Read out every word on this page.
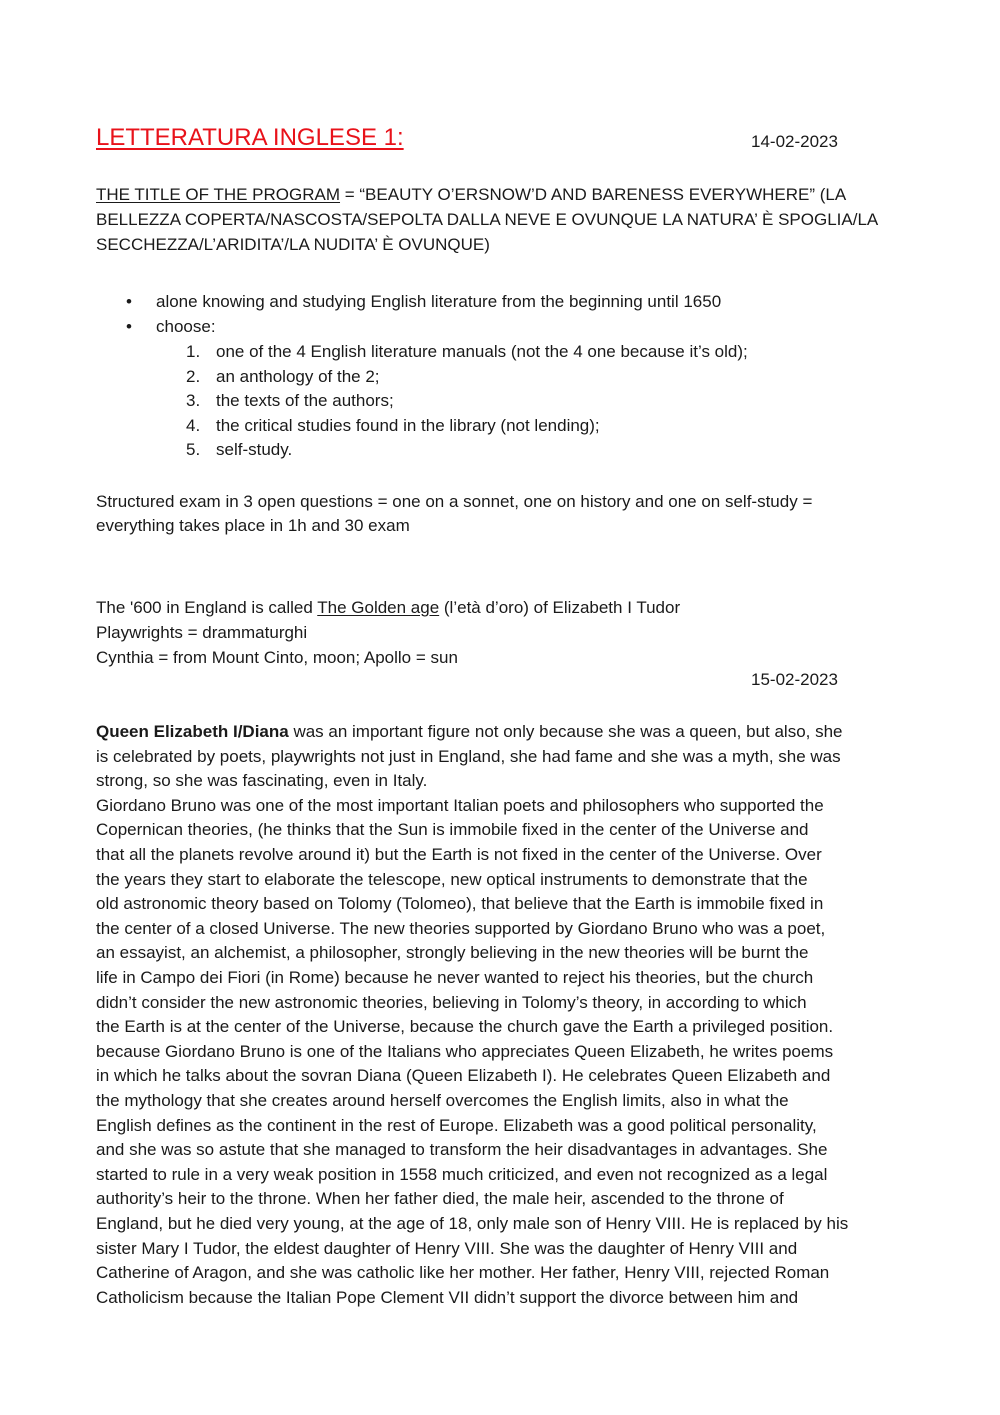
LETTERATURA INGLESE 1:	14-02-2023
THE TITLE OF THE PROGRAM = “BEAUTY O’ERSNOW’D AND BARENESS EVERYWHERE” (LA
BELLEZZA COPERTA/NASCOSTA/SEPOLTA DALLA NEVE E OVUNQUE LA NATURA’ È SPOGLIA/LA
SECCHEZZA/L’ARIDITA’/LA NUDITA’ È OVUNQUE)
• alone knowing and studying English literature from the beginning until 1650
• choose:
1. one of the 4 English literature manuals (not the 4 one because it’s old);
2. an anthology of the 2;
3. the texts of the authors;
4. the critical studies found in the library (not lending);
5. self-study.
Structured exam in 3 open questions = one on a sonnet, one on history and one on self-study =
everything takes place in 1h and 30 exam
The '600 in England is called The Golden age (l’età d’oro) of Elizabeth I Tudor
Playwrights = drammaturghi
Cynthia = from Mount Cinto, moon; Apollo = sun
15-02-2023
Queen Elizabeth I/Diana was an important figure not only because she was a queen, but also, she
is celebrated by poets, playwrights not just in England, she had fame and she was a myth, she was
strong, so she was fascinating, even in Italy.
Giordano Bruno was one of the most important Italian poets and philosophers who supported the
Copernican theories, (he thinks that the Sun is immobile fixed in the center of the Universe and
that all the planets revolve around it) but the Earth is not fixed in the center of the Universe. Over
the years they start to elaborate the telescope, new optical instruments to demonstrate that the
old astronomic theory based on Tolomy (Tolomeo), that believe that the Earth is immobile fixed in
the center of a closed Universe. The new theories supported by Giordano Bruno who was a poet,
an essayist, an alchemist, a philosopher, strongly believing in the new theories will be burnt the
life in Campo dei Fiori (in Rome) because he never wanted to reject his theories, but the church
didn’t consider the new astronomic theories, believing in Tolomy’s theory, in according to which
the Earth is at the center of the Universe, because the church gave the Earth a privileged position.
because Giordano Bruno is one of the Italians who appreciates Queen Elizabeth, he writes poems
in which he talks about the sovran Diana (Queen Elizabeth I). He celebrates Queen Elizabeth and
the mythology that she creates around herself overcomes the English limits, also in what the
English defines as the continent in the rest of Europe. Elizabeth was a good political personality,
and she was so astute that she managed to transform the heir disadvantages in advantages. She
started to rule in a very weak position in 1558 much criticized, and even not recognized as a legal
authority’s heir to the throne. When her father died, the male heir, ascended to the throne of
England, but he died very young, at the age of 18, only male son of Henry VIII. He is replaced by his
sister Mary I Tudor, the eldest daughter of Henry VIII. She was the daughter of Henry VIII and
Catherine of Aragon, and she was catholic like her mother. Her father, Henry VIII, rejected Roman
Catholicism because the Italian Pope Clement VII didn’t support the divorce between him and
